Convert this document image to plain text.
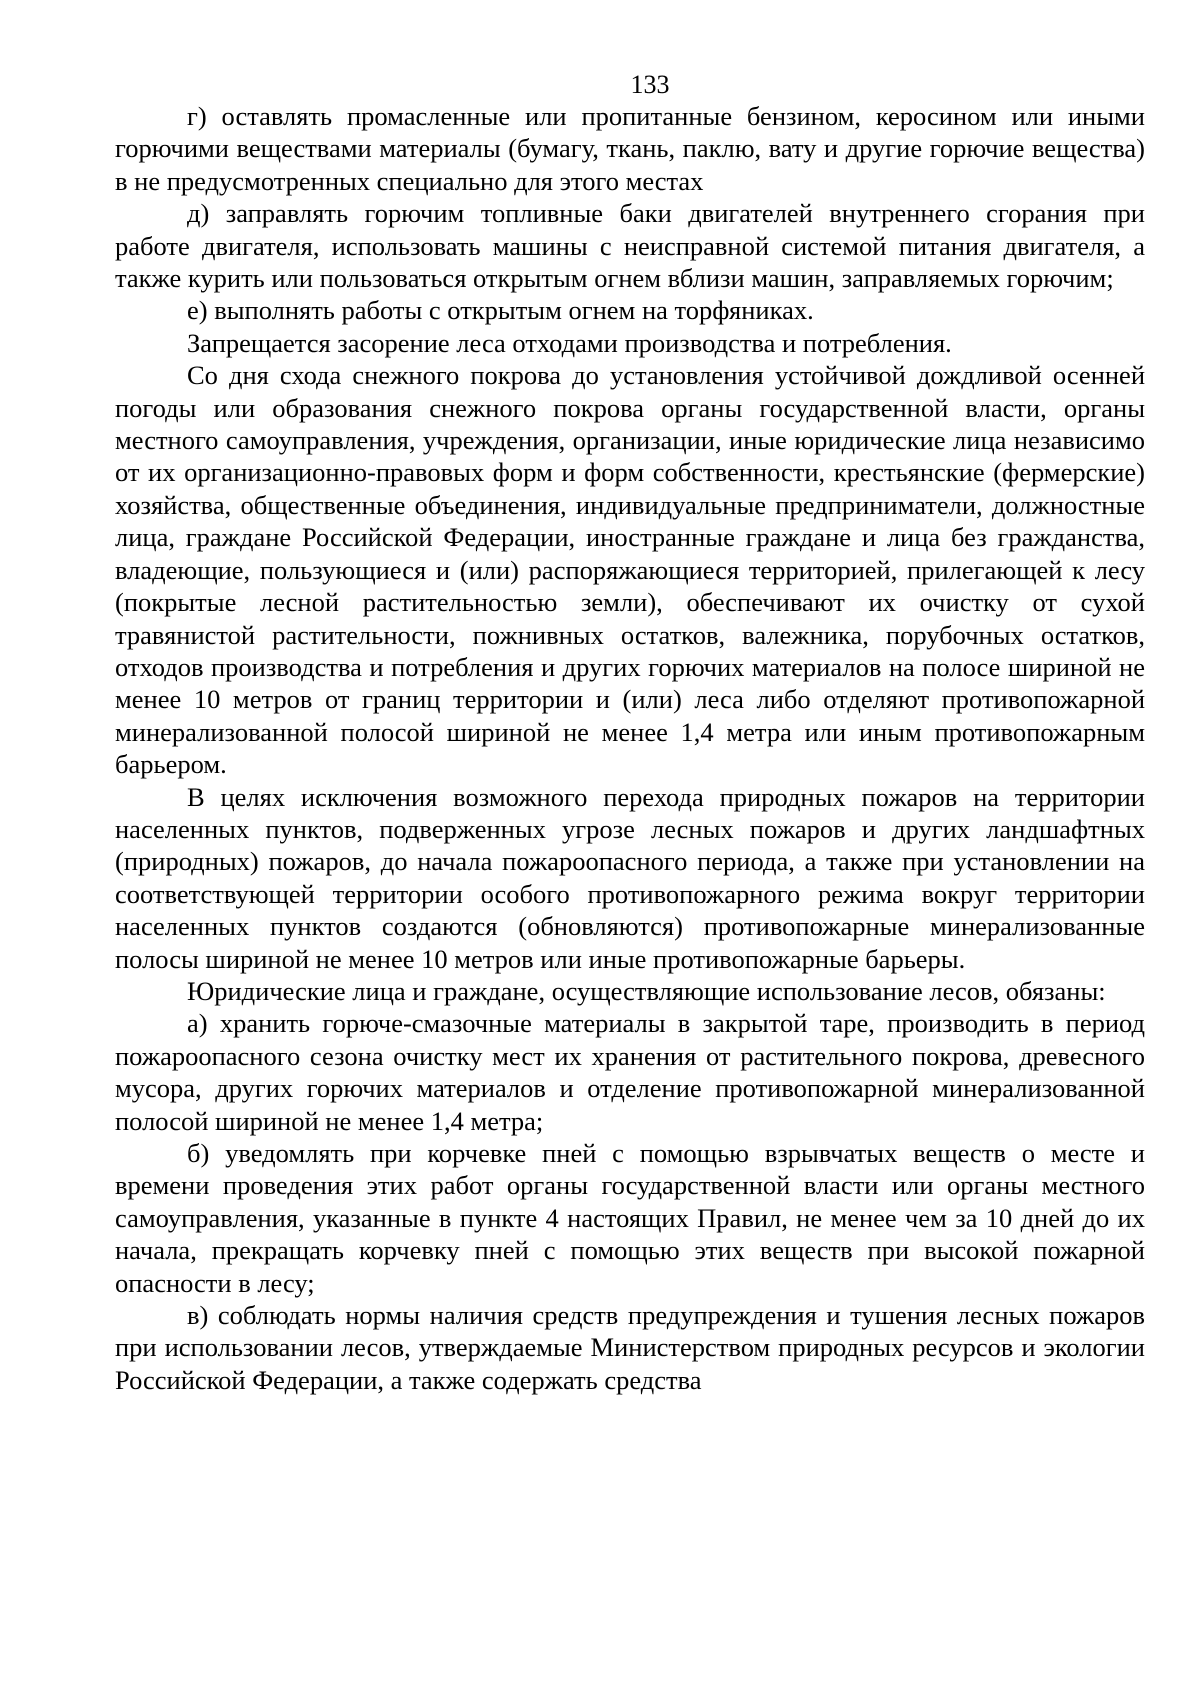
133

г) оставлять промасленные или пропитанные бензином, керосином или иными горючими веществами материалы (бумагу, ткань, паклю, вату и другие горючие вещества) в не предусмотренных специально для этого местах

д) заправлять горючим топливные баки двигателей внутреннего сгорания при работе двигателя, использовать машины с неисправной системой питания двигателя, а также курить или пользоваться открытым огнем вблизи машин, заправляемых горючим;

е) выполнять работы с открытым огнем на торфяниках.

Запрещается засорение леса отходами производства и потребления.

Со дня схода снежного покрова до установления устойчивой дождливой осенней погоды или образования снежного покрова органы государственной власти, органы местного самоуправления, учреждения, организации, иные юридические лица независимо от их организационно-правовых форм и форм собственности, крестьянские (фермерские) хозяйства, общественные объединения, индивидуальные предприниматели, должностные лица, граждане Российской Федерации, иностранные граждане и лица без гражданства, владеющие, пользующиеся и (или) распоряжающиеся территорией, прилегающей к лесу (покрытые лесной растительностью земли), обеспечивают их очистку от сухой травянистой растительности, пожнивных остатков, валежника, порубочных остатков, отходов производства и потребления и других горючих материалов на полосе шириной не менее 10 метров от границ территории и (или) леса либо отделяют противопожарной минерализованной полосой шириной не менее 1,4 метра или иным противопожарным барьером.

В целях исключения возможного перехода природных пожаров на территории населенных пунктов, подверженных угрозе лесных пожаров и других ландшафтных (природных) пожаров, до начала пожароопасного периода, а также при установлении на соответствующей территории особого противопожарного режима вокруг территории населенных пунктов создаются (обновляются) противопожарные минерализованные полосы шириной не менее 10 метров или иные противопожарные барьеры.

Юридические лица и граждане, осуществляющие использование лесов, обязаны:

а) хранить горюче-смазочные материалы в закрытой таре, производить в период пожароопасного сезона очистку мест их хранения от растительного покрова, древесного мусора, других горючих материалов и отделение противопожарной минерализованной полосой шириной не менее 1,4 метра;

б) уведомлять при корчевке пней с помощью взрывчатых веществ о месте и времени проведения этих работ органы государственной власти или органы местного самоуправления, указанные в пункте 4 настоящих Правил, не менее чем за 10 дней до их начала, прекращать корчевку пней с помощью этих веществ при высокой пожарной опасности в лесу;

в) соблюдать нормы наличия средств предупреждения и тушения лесных пожаров при использовании лесов, утверждаемые Министерством природных ресурсов и экологии Российской Федерации, а также содержать средства
